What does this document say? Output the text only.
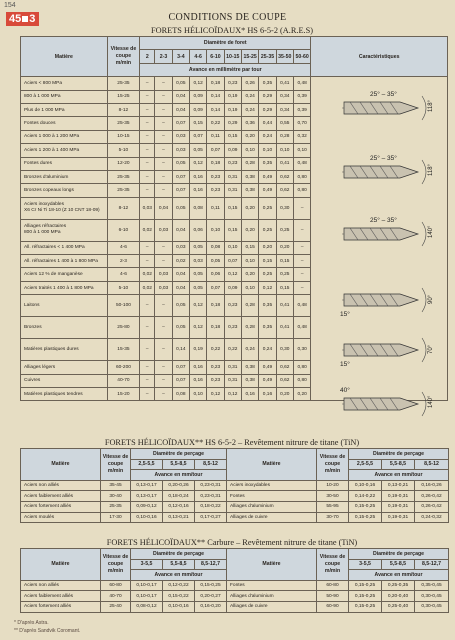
154
45 3	CONDITIONS DE COUPE
FORETS HÉLICOÏDAUX* HS 6-5-2 (A.R.E.S)
Matière	Vitesse de coupe m/min	Diamètre de foret										Caractéristiques
		2	2-3	3-4	4-6	6-10	10-15	15-25	25-35	35-50	50-60	
		Avance en millimètre par tour										
Aciers < 800 MPa	25-35	–	–	0,05	0,12	0,18	0,23	0,26	0,35	0,41	0,48	
800 à 1 000 MPa	15-25	–	–	0,04	0,09	0,14	0,19	0,24	0,29	0,34	0,39	
Plus de 1 000 MPa	8-12	–	–	0,04	0,09	0,14	0,19	0,24	0,29	0,34	0,39	
Fontes douces	25-35	–	–	0,07	0,15	0,22	0,29	0,36	0,44	0,55	0,70	
Aciers 1 000 à 1 200 MPa	10-15	–	–	0,03	0,07	0,11	0,15	0,20	0,24	0,28	0,32	
Aciers 1 200 à 1 400 MPa	5-10	–	–	0,03	0,05	0,07	0,09	0,10	0,10	0,10	0,10	
Fontes dures	12-20	–	–	0,05	0,12	0,18	0,23	0,28	0,35	0,41	0,48	
Bronzes d'aluminium	25-35	–	–	0,07	0,16	0,23	0,31	0,38	0,49	0,62	0,80	
Bronzes copeaux longs	25-35	–	–	0,07	0,16	0,23	0,31	0,38	0,49	0,62	0,80	

Aciers inoxydables
X6 Cr Ni Ti 18-10 (Z 10 CNT 18-09)	8-12	0,03	0,04	0,05	0,08	0,11	0,15	0,20	0,25	0,30	–	

Alliages réfractaires
800 à 1 000 MPa	6-10	0,02	0,03	0,04	0,06	0,10	0,15	0,20	0,25	0,25	–	
All. réfractaires < 1 400 MPa	4-6	–	–	0,03	0,05	0,08	0,10	0,15	0,20	0,20	–	
All. réfractaires 1 400 à 1 800 MPa	2-3	–	–	0,02	0,03	0,05	0,07	0,10	0,15	0,15	–	
Aciers 12 % de manganèse	4-6	0,02	0,03	0,04	0,05	0,06	0,12	0,20	0,25	0,25	–	
Aciers traités 1 400 à 1 800 MPa	5-10	0,02	0,03	0,04	0,05	0,07	0,09	0,10	0,12	0,15	–	
Laitons	50-100	–	–	0,05	0,12	0,18	0,23	0,28	0,35	0,41	0,48	
Bronzes	25-80	–	–	0,05	0,12	0,18	0,23	0,28	0,35	0,41	0,48	
Matières plastiques dures	15-35	–	–	0,14	0,19	0,22	0,22	0,24	0,24	0,30	0,30	
Alliages légers	60-200	–	–	0,07	0,16	0,23	0,31	0,38	0,49	0,62	0,80	
Cuivres	40-70	–	–	0,07	0,16	0,23	0,31	0,38	0,49	0,62	0,80	
Matières plastiques tendres	15-20	–	–	0,08	0,10	0,12	0,12	0,16	0,16	0,20	0,20	
25° – 35°
118°
25° – 35°
118°
25° – 35°
140°
15°
90°
15°
70°
40°
140°
FORETS HÉLICOÏDAUX** HS 6-5-2 – Revêtement nitrure de titane (TiN)
Matière	Vitesse de coupe m/min	Diamètre de perçage			Matière	Vitesse de coupe m/min	Diamètre de perçage		
		2,5-5,5	5,5-8,5	8,5-12			2,5-5,5	5,5-8,5	8,5-12
		Avance en mm/tour					Avance en mm/tour		
Aciers non alliés	35-45	0,13-0,17	0,20-0,26	0,23-0,31	Aciers inoxydables	10-20	0,10-0,16	0,13-0,21	0,16-0,26
Aciers faiblement alliés	30-40	0,13-0,17	0,18-0,24	0,23-0,31	Fontes	30-50	0,14-0,22	0,19-0,31	0,26-0,42
Aciers fortement alliés	25-35	0,09-0,12	0,12-0,16	0,18-0,22	Alliages d'aluminium	55-95	0,15-0,25	0,19-0,31	0,26-0,42
Aciers moulés	17-30	0,10-0,16	0,13-0,21	0,17-0,27	Alliages de cuivre	30-70	0,15-0,25	0,19-0,31	0,24-0,32
FORETS HÉLICOÏDAUX** Carbure – Revêtement nitrure de titane (TiN)
Matière	Vitesse de coupe m/min	Diamètre de perçage			Matière	Vitesse de coupe m/min	Diamètre de perçage		
		3-5,5	5,5-8,5	8,5-12,7			3-5,5	5,5-8,5	8,5-12,7
		Avance en mm/tour					Avance en mm/tour		
Aciers non alliés	60-80	0,10-0,17	0,12-0,22	0,15-0,25	Fontes	60-80	0,15-0,25	0,25-0,35	0,35-0,45
Aciers faiblement alliés	40-70	0,10-0,17	0,15-0,22	0,20-0,27	Alliages d'aluminium	50-90	0,15-0,25	0,20-0,40	0,30-0,45
Aciers fortement alliés	25-40	0,08-0,12	0,10-0,16	0,16-0,20	Alliages de cuivre	60-90	0,15-0,25	0,25-0,40	0,30-0,45
* D'après Astra.
** D'après Sandvik Coromant.
